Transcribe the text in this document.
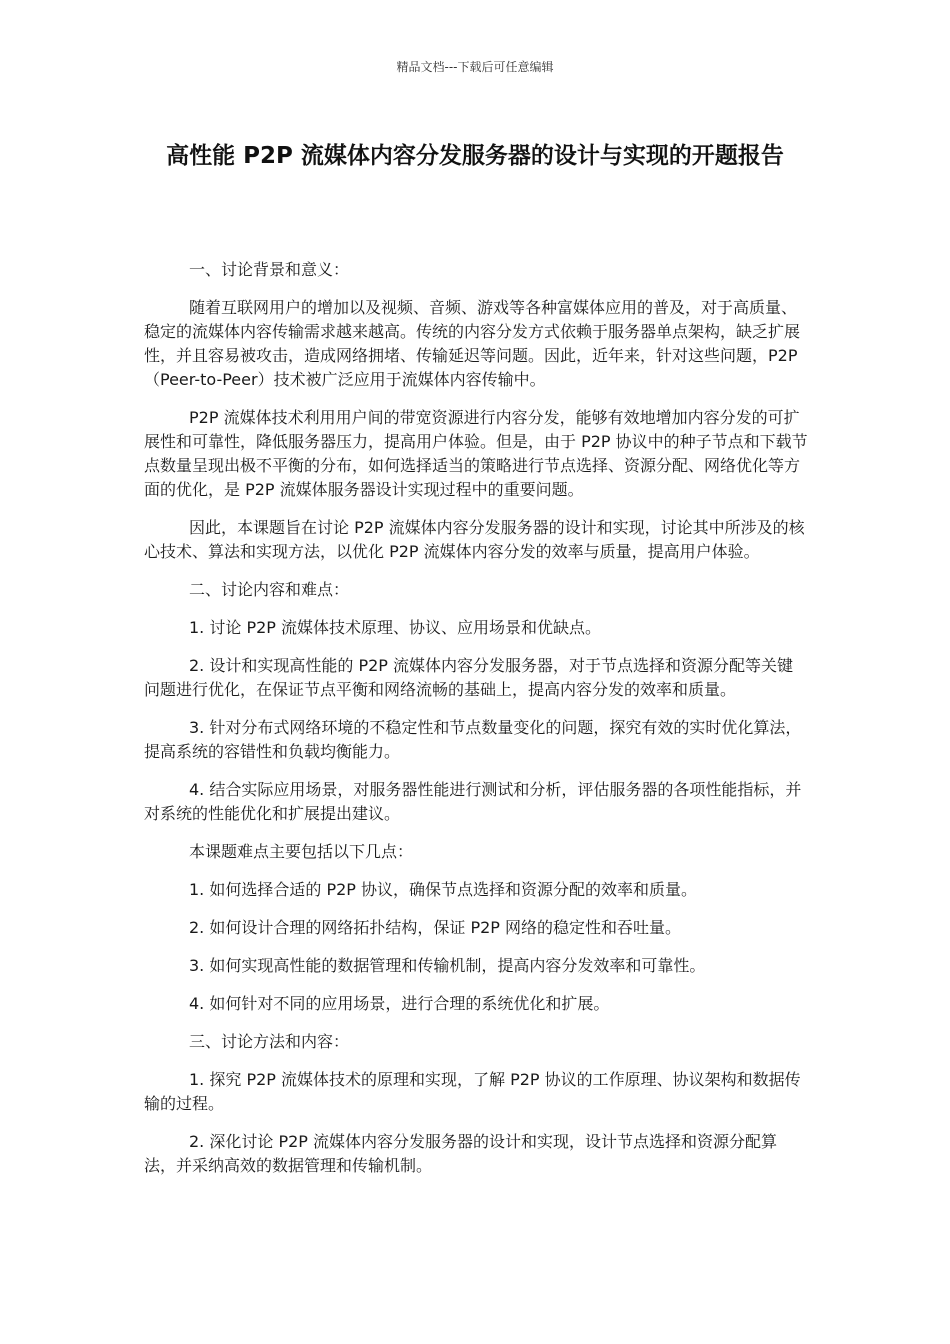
精品文档---下载后可任意编辑
高性能 P2P 流媒体内容分发服务器的设计与实现的开题报告

一、讨论背景和意义：

随着互联网用户的增加以及视频、音频、游戏等各种富媒体应用的普及，对于高质量、稳定的流媒体内容传输需求越来越高。传统的内容分发方式依赖于服务器单点架构，缺乏扩展性，并且容易被攻击，造成网络拥堵、传输延迟等问题。因此，近年来，针对这些问题，P2P（Peer-to-Peer）技术被广泛应用于流媒体内容传输中。

P2P 流媒体技术利用用户间的带宽资源进行内容分发，能够有效地增加内容分发的可扩展性和可靠性，降低服务器压力，提高用户体验。但是，由于 P2P 协议中的种子节点和下载节点数量呈现出极不平衡的分布，如何选择适当的策略进行节点选择、资源分配、网络优化等方面的优化，是 P2P 流媒体服务器设计实现过程中的重要问题。

因此，本课题旨在讨论 P2P 流媒体内容分发服务器的设计和实现，讨论其中所涉及的核心技术、算法和实现方法，以优化 P2P 流媒体内容分发的效率与质量，提高用户体验。

二、讨论内容和难点：

1. 讨论 P2P 流媒体技术原理、协议、应用场景和优缺点。

2. 设计和实现高性能的 P2P 流媒体内容分发服务器，对于节点选择和资源分配等关键问题进行优化，在保证节点平衡和网络流畅的基础上，提高内容分发的效率和质量。

3. 针对分布式网络环境的不稳定性和节点数量变化的问题，探究有效的实时优化算法，提高系统的容错性和负载均衡能力。

4. 结合实际应用场景，对服务器性能进行测试和分析，评估服务器的各项性能指标，并对系统的性能优化和扩展提出建议。

本课题难点主要包括以下几点：

1. 如何选择合适的 P2P 协议，确保节点选择和资源分配的效率和质量。

2. 如何设计合理的网络拓扑结构，保证 P2P 网络的稳定性和吞吐量。

3. 如何实现高性能的数据管理和传输机制，提高内容分发效率和可靠性。

4. 如何针对不同的应用场景，进行合理的系统优化和扩展。

三、讨论方法和内容：

1. 探究 P2P 流媒体技术的原理和实现，了解 P2P 协议的工作原理、协议架构和数据传输的过程。

2. 深化讨论 P2P 流媒体内容分发服务器的设计和实现，设计节点选择和资源分配算法，并采纳高效的数据管理和传输机制。
